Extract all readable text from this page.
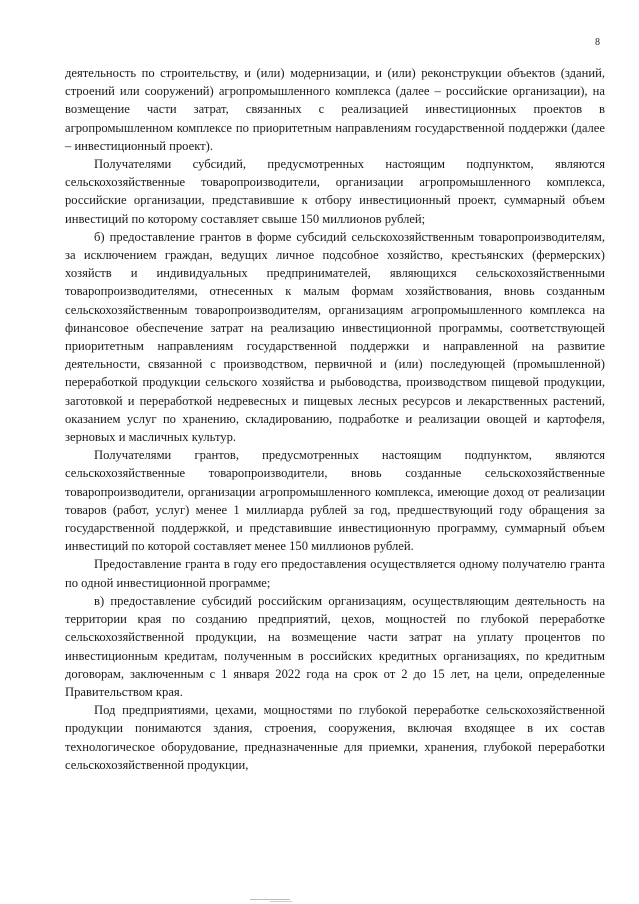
8

деятельность по строительству, и (или) модернизации, и (или) реконструкции объектов (зданий, строений или сооружений) агропромышленного комплекса (далее – российские организации), на возмещение части затрат, связанных с реализацией инвестиционных проектов в агропромышленном комплексе по приоритетным направлениям государственной поддержки (далее – инвестиционный проект).

Получателями субсидий, предусмотренных настоящим подпунктом, являются сельскохозяйственные товаропроизводители, организации агропромышленного комплекса, российские организации, представившие к отбору инвестиционный проект, суммарный объем инвестиций по которому составляет свыше 150 миллионов рублей;

б) предоставление грантов в форме субсидий сельскохозяйственным товаропроизводителям, за исключением граждан, ведущих личное подсобное хозяйство, крестьянских (фермерских) хозяйств и индивидуальных предпринимателей, являющихся сельскохозяйственными товаропроизводителями, отнесенных к малым формам хозяйствования, вновь созданным сельскохозяйственным товаропроизводителям, организациям агропромышленного комплекса на финансовое обеспечение затрат на реализацию инвестиционной программы, соответствующей приоритетным направлениям государственной поддержки и направленной на развитие деятельности, связанной с производством, первичной и (или) последующей (промышленной) переработкой продукции сельского хозяйства и рыбоводства, производством пищевой продукции, заготовкой и переработкой недревесных и пищевых лесных ресурсов и лекарственных растений, оказанием услуг по хранению, складированию, подработке и реализации овощей и картофеля, зерновых и масличных культур.

Получателями грантов, предусмотренных настоящим подпунктом, являются сельскохозяйственные товаропроизводители, вновь созданные сельскохозяйственные товаропроизводители, организации агропромышленного комплекса, имеющие доход от реализации товаров (работ, услуг) менее 1 миллиарда рублей за год, предшествующий году обращения за государственной поддержкой, и представившие инвестиционную программу, суммарный объем инвестиций по которой составляет менее 150 миллионов рублей.

Предоставление гранта в году его предоставления осуществляется одному получателю гранта по одной инвестиционной программе;

в) предоставление субсидий российским организациям, осуществляющим деятельность на территории края по созданию предприятий, цехов, мощностей по глубокой переработке сельскохозяйственной продукции, на возмещение части затрат на уплату процентов по инвестиционным кредитам, полученным в российских кредитных организациях, по кредитным договорам, заключенным с 1 января 2022 года на срок от 2 до 15 лет, на цели, определенные Правительством края.

Под предприятиями, цехами, мощностями по глубокой переработке сельскохозяйственной продукции понимаются здания, строения, сооружения, включая входящее в их состав технологическое оборудование, предназначенные для приемки, хранения, глубокой переработки сельскохозяйственной продукции,
